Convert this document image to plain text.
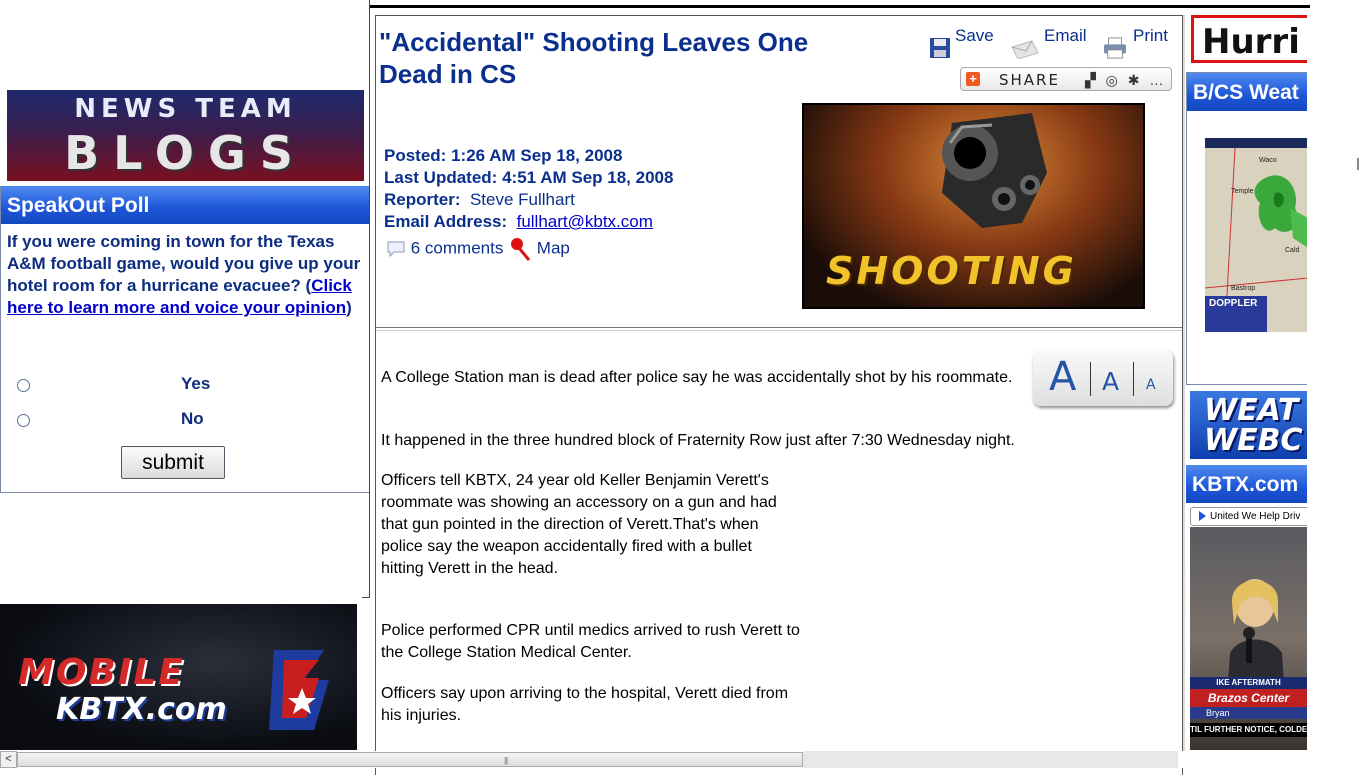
NEWS TEAM
BLOGS
SpeakOut Poll
If you were coming in town for the Texas A&M football game, would you give up your hotel room for a hurricane evacuee? (Click here to learn more and voice your opinion)
Yes
No
submit
MOBILE
KBTX.com
"Accidental" Shooting Leaves One Dead in CS
Save	Email	Print
+ SHARE ▞ ◎ ✱ …
SHOOTING
Posted: 1:26 AM Sep 18, 2008
Last Updated: 4:51 AM Sep 18, 2008
Reporter: Steve Fullhart
Email Address: fullhart@kbtx.com
6 comments Map
A A A
A College Station man is dead after police say he was accidentally shot by his roommate.
It happened in the three hundred block of Fraternity Row just after 7:30 Wednesday night.
Officers tell KBTX, 24 year old Keller Benjamin Verett's roommate was showing an accessory on a gun and had that gun pointed in the direction of Verett.That's when police say the weapon accidentally fired with a bullet hitting Verett in the head.
Police performed CPR until medics arrived to rush Verett to the College Station Medical Center.
Officers say upon arriving to the hospital, Verett died from his injuries.
Hurri
B/CS Weat
Waco
Temple
Bastrop
Cald
DOPPLER
WEAT
WEBC
KBTX.com
United We Help Driv
IKE AFTERMATH
Brazos Center
Bryan
TIL FURTHER NOTICE, COLDE
<	|||
